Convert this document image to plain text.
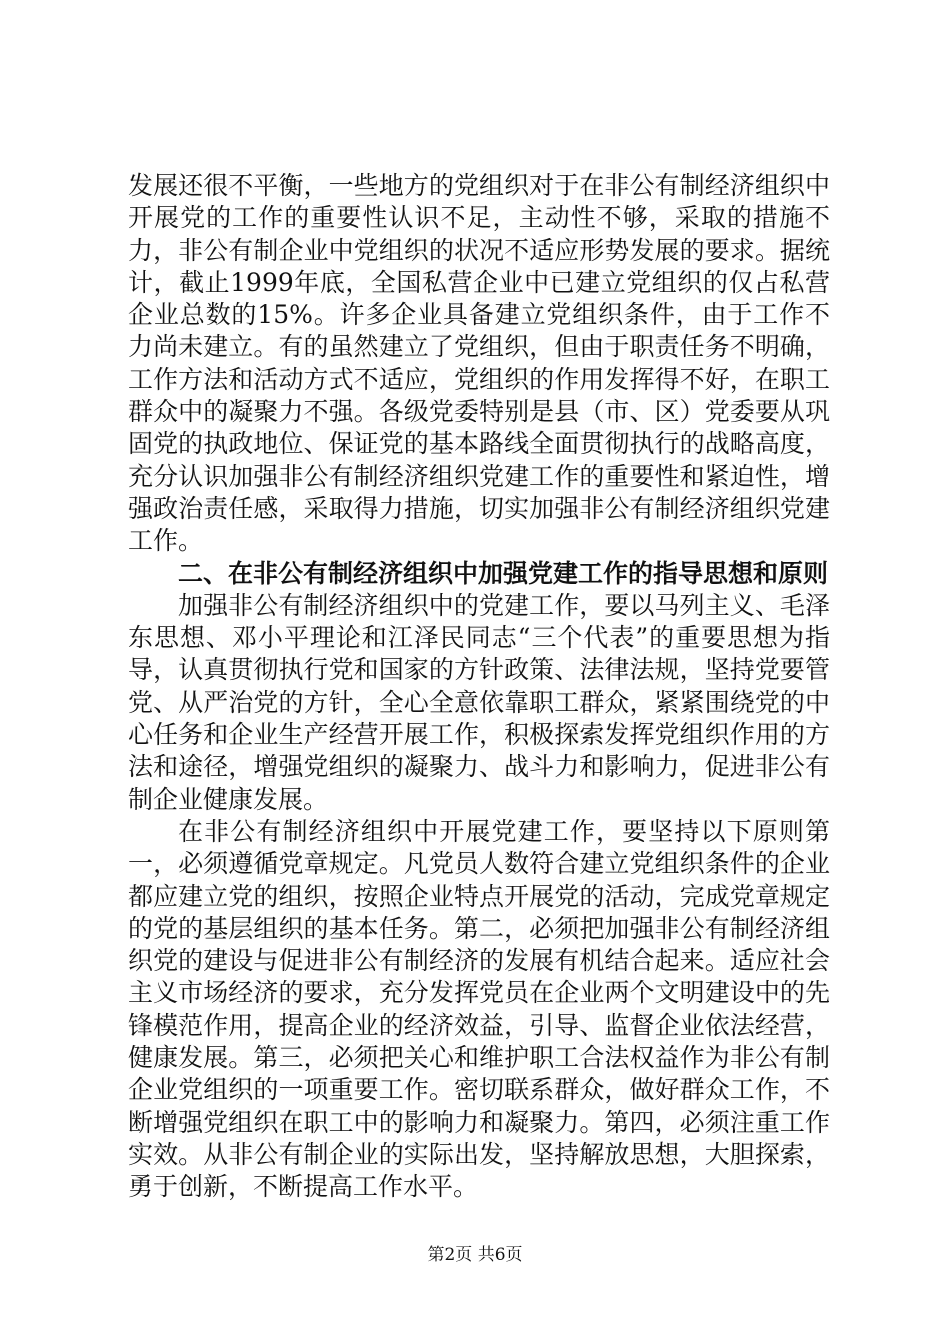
发展还很不平衡，一些地方的党组织对于在非公有制经济组织中开展党的工作的重要性认识不足，主动性不够，采取的措施不力，非公有制企业中党组织的状况不适应形势发展的要求。据统计，截止1999年底，全国私营企业中已建立党组织的仅占私营企业总数的15%。许多企业具备建立党组织条件，由于工作不力尚未建立。有的虽然建立了党组织，但由于职责任务不明确，工作方法和活动方式不适应，党组织的作用发挥得不好，在职工群众中的凝聚力不强。各级党委特别是县（市、区）党委要从巩固党的执政地位、保证党的基本路线全面贯彻执行的战略高度，充分认识加强非公有制经济组织党建工作的重要性和紧迫性，增强政治责任感，采取得力措施，切实加强非公有制经济组织党建工作。

二、在非公有制经济组织中加强党建工作的指导思想和原则

加强非公有制经济组织中的党建工作，要以马列主义、毛泽东思想、邓小平理论和江泽民同志“三个代表”的重要思想为指导，认真贯彻执行党和国家的方针政策、法律法规，坚持党要管党、从严治党的方针，全心全意依靠职工群众，紧紧围绕党的中心任务和企业生产经营开展工作，积极探索发挥党组织作用的方法和途径，增强党组织的凝聚力、战斗力和影响力，促进非公有制企业健康发展。

在非公有制经济组织中开展党建工作，要坚持以下原则第一，必须遵循党章规定。凡党员人数符合建立党组织条件的企业都应建立党的组织，按照企业特点开展党的活动，完成党章规定的党的基层组织的基本任务。第二，必须把加强非公有制经济组织党的建设与促进非公有制经济的发展有机结合起来。适应社会主义市场经济的要求，充分发挥党员在企业两个文明建设中的先锋模范作用，提高企业的经济效益，引导、监督企业依法经营，健康发展。第三，必须把关心和维护职工合法权益作为非公有制企业党组织的一项重要工作。密切联系群众，做好群众工作，不断增强党组织在职工中的影响力和凝聚力。第四，必须注重工作实效。从非公有制企业的实际出发，坚持解放思想，大胆探索，勇于创新，不断提高工作水平。

第2页 共6页
